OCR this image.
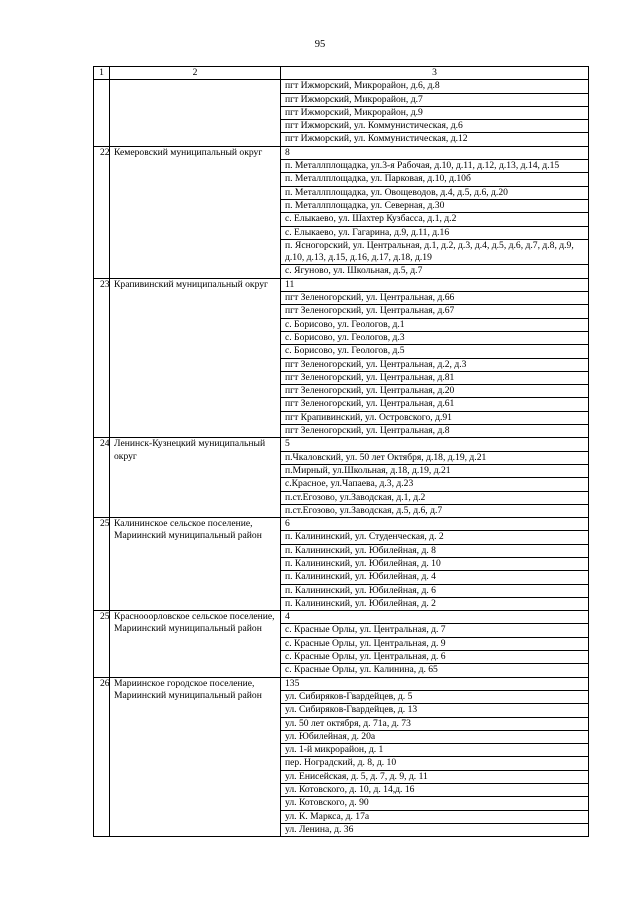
95
1	2	3
		пгт Ижморский, Микрорайон, д.6, д.8
		пгт Ижморский, Микрорайон, д.7
		пгт Ижморский, Микрорайон, д.9
		пгт Ижморский, ул. Коммунистическая, д.6
		пгт Ижморский, ул. Коммунистическая, д.12
22	Кемеровский муниципальный округ	8
		п. Металлплощадка, ул.3-я Рабочая, д.10, д.11, д.12, д.13, д.14, д.15
		п. Металлплощадка, ул. Парковая, д.10, д.10б
		п. Металлплощадка, ул. Овощеводов, д.4, д.5, д.6, д.20
		п. Металлплощадка, ул. Северная, д.30
		с. Елыкаево, ул. Шахтер Кузбасса, д.1, д.2
		с. Елыкаево, ул. Гагарина, д.9, д.11, д.16
		п. Ясногорский, ул. Центральная, д.1, д.2, д.3, д.4, д.5, д.6, д.7, д.8, д.9, д.10, д.13, д.15, д.16, д.17, д.18, д.19
		с. Ягуново, ул. Школьная, д.5, д.7
23	Крапивинский муниципальный округ	11
		пгт Зеленогорский, ул. Центральная, д.66
		пгт Зеленогорский, ул. Центральная, д.67
		с. Борисово, ул. Геологов, д.1
		с. Борисово, ул. Геологов, д.3
		с. Борисово, ул. Геологов, д.5
		пгт Зеленогорский, ул. Центральная, д.2, д.3
		пгт Зеленогорский, ул. Центральная, д.81
		пгт Зеленогорский, ул. Центральная, д.20
		пгт Зеленогорский, ул. Центральная, д.61
		пгт Крапивинский, ул. Островского, д.91
		пгт Зеленогорский, ул. Центральная, д.8
24	Ленинск-Кузнецкий муниципальный округ	5
		п.Чкаловский, ул. 50 лет Октября, д.18, д.19, д.21
		п.Мирный, ул.Школьная, д.18, д.19, д.21
		с.Красное, ул.Чапаева, д.3, д.23
		п.ст.Егозово, ул.Заводская, д.1, д.2
		п.ст.Егозово, ул.Заводская, д.5, д.6, д.7
25	Калининское сельское поселение, Мариинский муниципальный район	6
		п. Калининский, ул. Студенческая, д. 2
		п. Калининский, ул. Юбилейная, д. 8
		п. Калининский, ул. Юбилейная, д. 10
		п. Калининский, ул. Юбилейная, д. 4
		п. Калининский, ул. Юбилейная, д. 6
		п. Калининский, ул. Юбилейная, д. 2
25	Краснооорловское сельское поселение, Мариинский муниципальный район	4
		с. Красные Орлы, ул. Центральная, д. 7
		с. Красные Орлы, ул. Центральная, д. 9
		с. Красные Орлы, ул. Центральная, д. 6
		с. Красные Орлы, ул. Калинина, д. 65
26	Мариинское городское поселение, Мариинский муниципальный район	135
		ул. Сибиряков-Гвардейцев, д. 5
		ул. Сибиряков-Гвардейцев, д. 13
		ул. 50 лет октября, д. 71а, д. 73
		ул. Юбилейная, д. 20а
		ул. 1-й микрорайон, д. 1
		пер. Ноградский, д. 8, д. 10
		ул. Енисейская, д. 5, д. 7, д. 9, д. 11
		ул. Котовского, д. 10, д. 14,д. 16
		ул. Котовского, д. 90
		ул. К. Маркса, д. 17а
		ул. Ленина, д. 36
